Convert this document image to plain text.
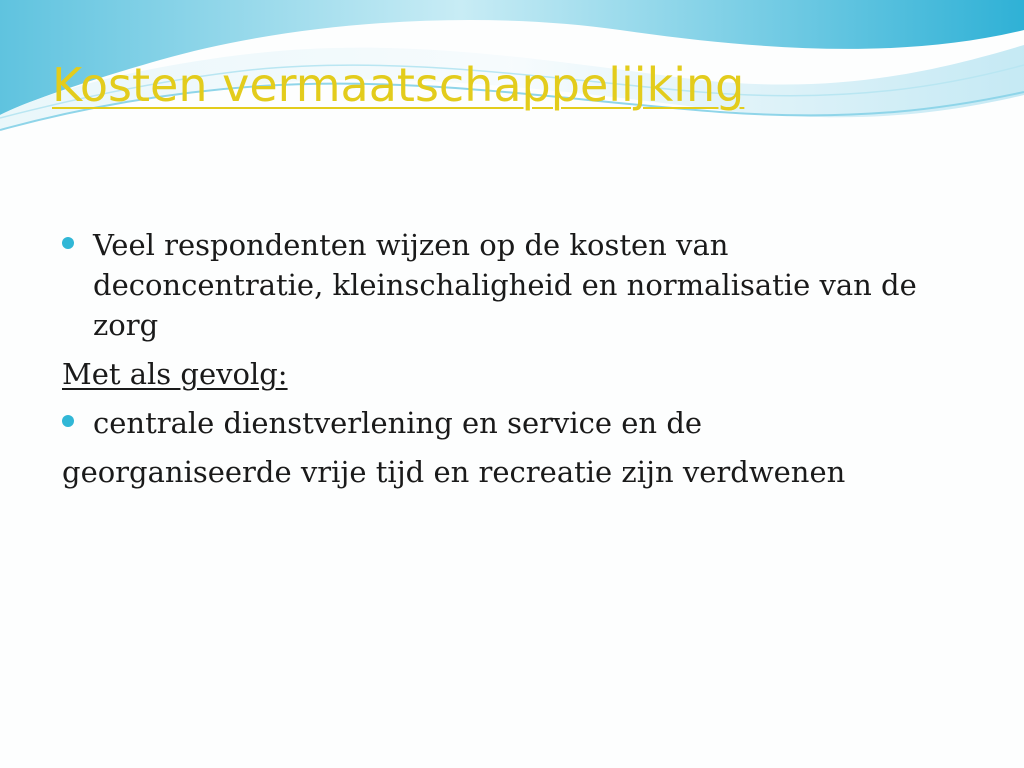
Kosten vermaatschappelijking
Veel respondenten wijzen op de kosten van deconcentratie, kleinschaligheid en normalisatie van de zorg
Met als gevolg:
centrale dienstverlening en service en de
georganiseerde vrije tijd en recreatie zijn verdwenen
